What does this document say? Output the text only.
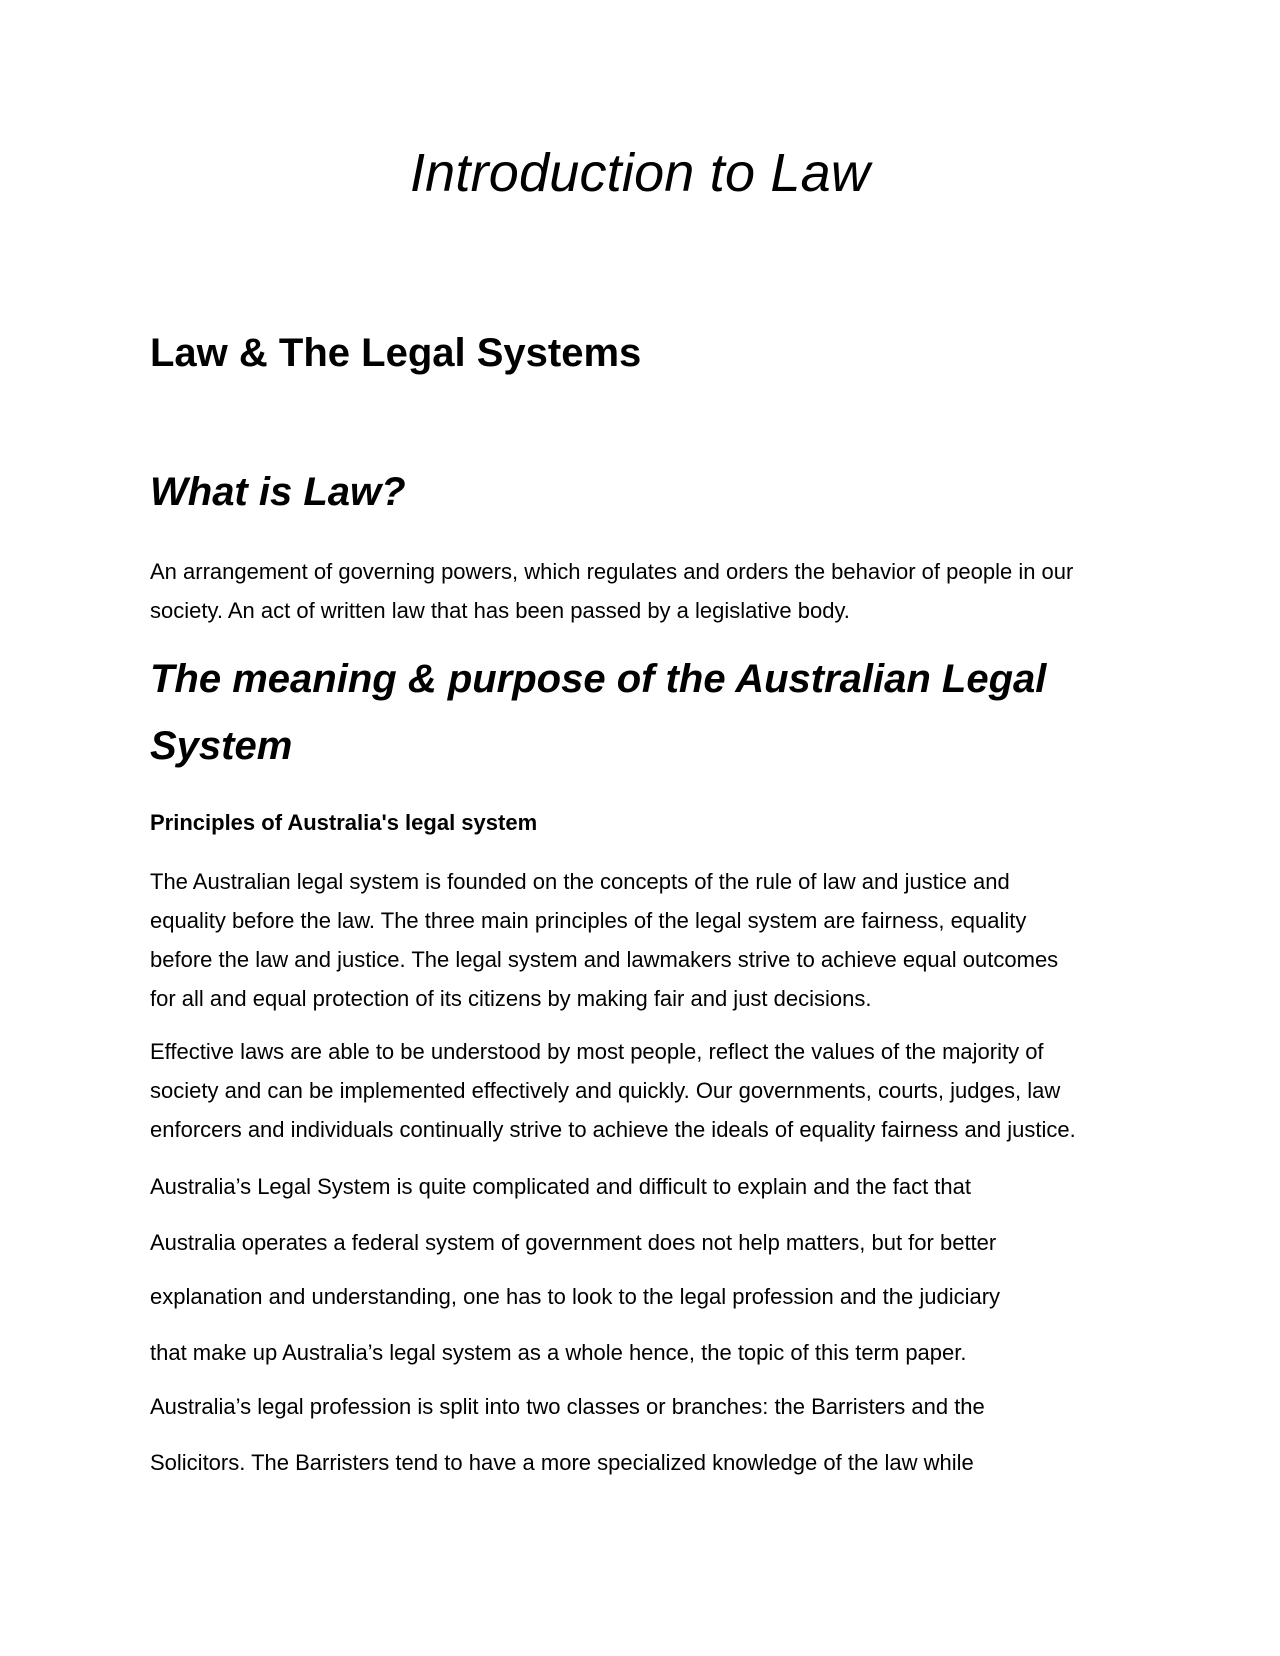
Introduction to Law
Law & The Legal Systems
What is Law?

An arrangement of governing powers, which regulates and orders the behavior of people in our
society. An act of written law that has been passed by a legislative body.

The meaning & purpose of the Australian Legal
System
Principles of Australia's legal system

The Australian legal system is founded on the concepts of the rule of law and justice and
equality before the law. The three main principles of the legal system are fairness, equality
before the law and justice. The legal system and lawmakers strive to achieve equal outcomes
for all and equal protection of its citizens by making fair and just decisions.

Effective laws are able to be understood by most people, reflect the values of the majority of
society and can be implemented effectively and quickly. Our governments, courts, judges, law
enforcers and individuals continually strive to achieve the ideals of equality fairness and justice.

Australia’s Legal System is quite complicated and difficult to explain and the fact that

Australia operates a federal system of government does not help matters, but for better

explanation and understanding, one has to look to the legal profession and the judiciary

that make up Australia’s legal system as a whole hence, the topic of this term paper.

Australia’s legal profession is split into two classes or branches: the Barristers and the

Solicitors. The Barristers tend to have a more specialized knowledge of the law while
